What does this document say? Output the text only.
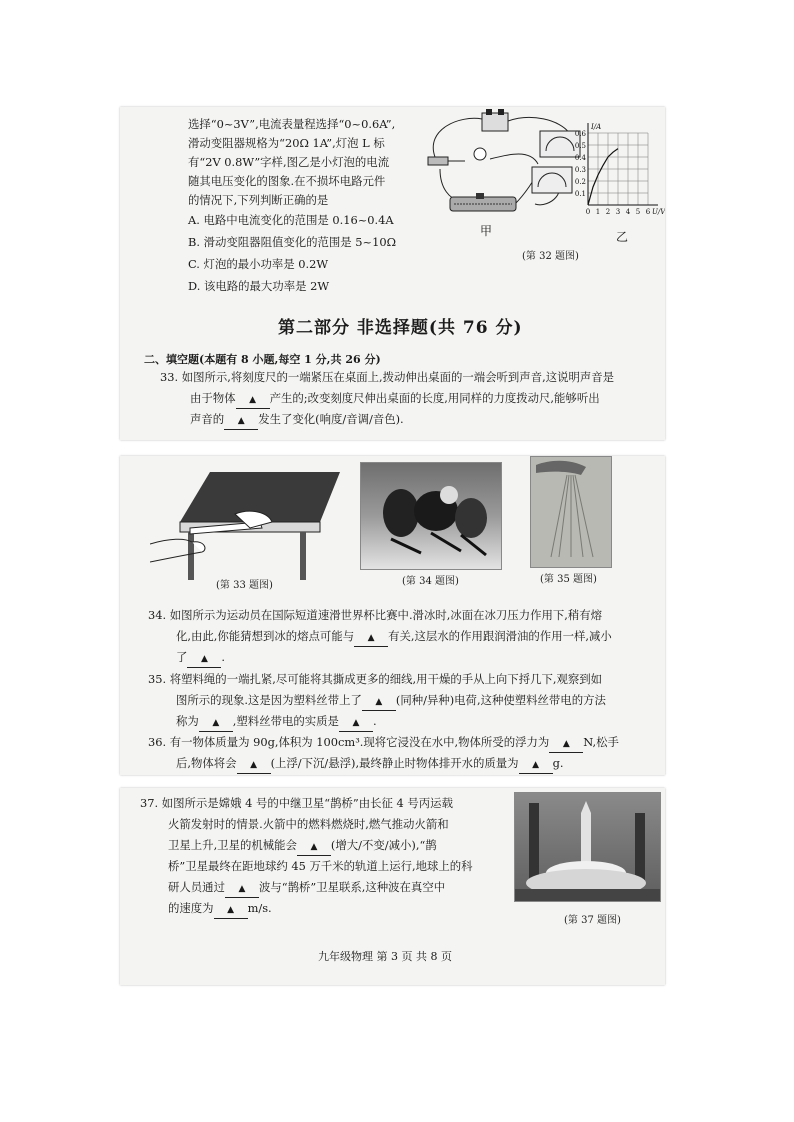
选择“0~3V”,电流表量程选择“0~0.6A”,
滑动变阻器规格为“20Ω 1A”,灯泡 L 标
有“2V 0.8W”字样,图乙是小灯泡的电流
随其电压变化的图象.在不损坏电路元件
的情况下,下列判断正确的是
A. 电路中电流变化的范围是 0.16~0.4A
B. 滑动变阻器阻值变化的范围是 5~10Ω
C. 灯泡的最小功率是 0.2W
D. 该电路的最大功率是 2W
0.6
0.5
0.4
0.3
0.2
0.1
0 1 2 3 4 5 6
I/A
U/V
甲	乙
(第 32 题图)
第二部分 非选择题(共 76 分)
二、填空题(本题有 8 小题,每空 1 分,共 26 分)
33. 如图所示,将刻度尺的一端紧压在桌面上,拨动伸出桌面的一端会听到声音,这说明声音是
由于物体 ▲ 产生的;改变刻度尺伸出桌面的长度,用同样的力度拨动尺,能够听出
声音的 ▲ 发生了变化(响度/音调/音色).
(第 33 题图)	(第 34 题图)	(第 35 题图)
34. 如图所示为运动员在国际短道速滑世界杯比赛中.滑冰时,冰面在冰刀压力作用下,稍有熔
化,由此,你能猜想到冰的熔点可能与 ▲ 有关,这层水的作用跟润滑油的作用一样,减小
了 ▲ .
35. 将塑料绳的一端扎紧,尽可能将其撕成更多的细线,用干燥的手从上向下捋几下,观察到如
图所示的现象.这是因为塑料丝带上了 ▲ (同种/异种)电荷,这种使塑料丝带电的方法
称为 ▲ ,塑料丝带电的实质是 ▲ .
36. 有一物体质量为 90g,体积为 100cm³.现将它浸没在水中,物体所受的浮力为 ▲ N,松手
后,物体将会 ▲ (上浮/下沉/悬浮),最终静止时物体排开水的质量为 ▲ g.
37. 如图所示是嫦娥 4 号的中继卫星“鹊桥”由长征 4 号丙运载
火箭发射时的情景.火箭中的燃料燃烧时,燃气推动火箭和
卫星上升,卫星的机械能会 ▲ (增大/不变/减小),“鹊
桥”卫星最终在距地球约 45 万千米的轨道上运行,地球上的科
研人员通过 ▲ 波与“鹊桥”卫星联系,这种波在真空中
的速度为 ▲ m/s.
(第 37 题图)
九年级物理 第 3 页 共 8 页
